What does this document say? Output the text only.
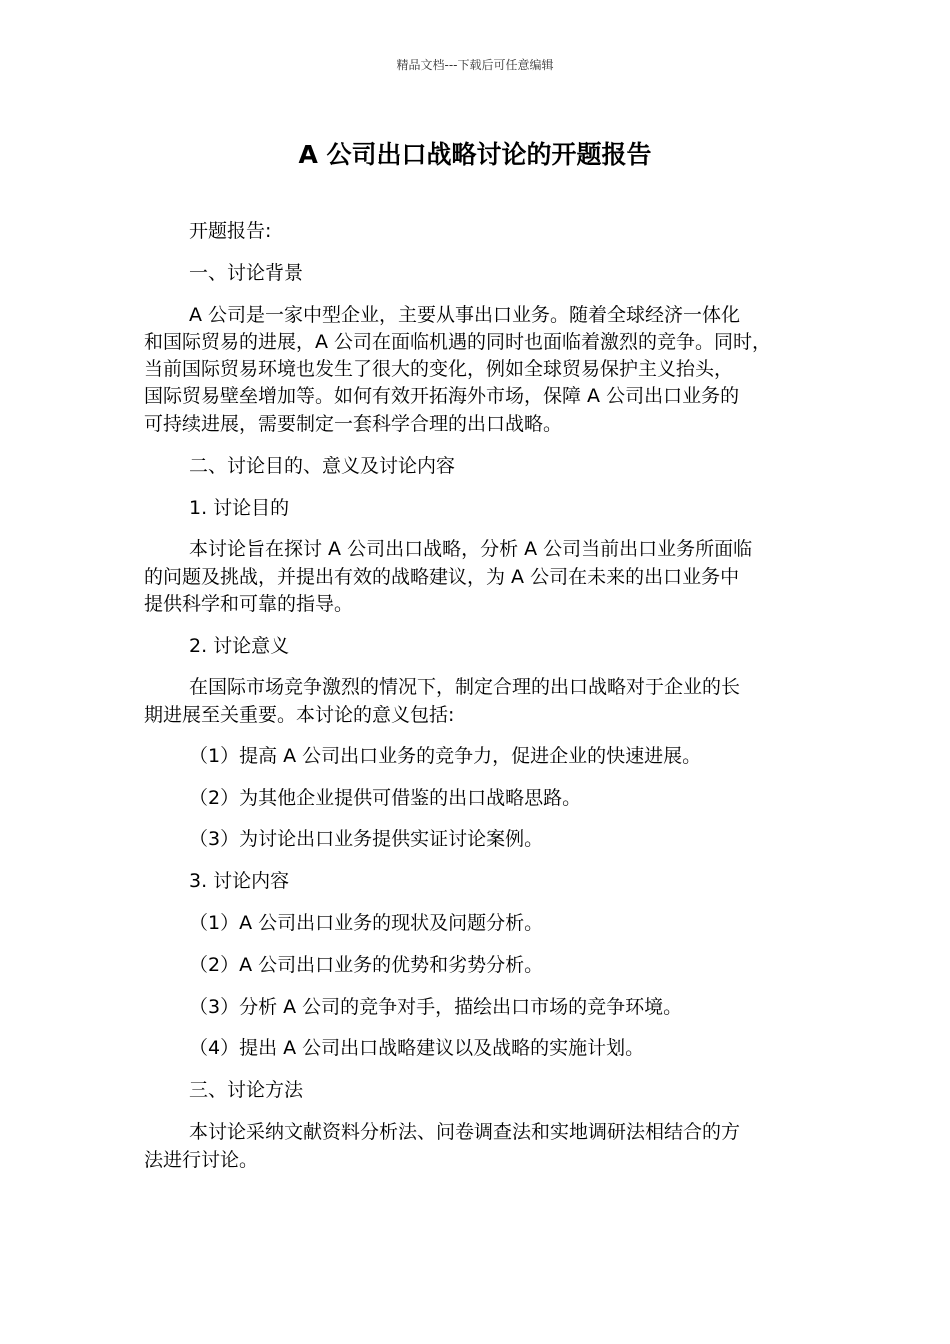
精品文档---下载后可任意编辑
A 公司出口战略讨论的开题报告
开题报告:
一、讨论背景
A 公司是一家中型企业，主要从事出口业务。随着全球经济一体化
和国际贸易的进展，A 公司在面临机遇的同时也面临着激烈的竞争。同时，
当前国际贸易环境也发生了很大的变化，例如全球贸易保护主义抬头，
国际贸易壁垒增加等。如何有效开拓海外市场，保障 A 公司出口业务的
可持续进展，需要制定一套科学合理的出口战略。
二、讨论目的、意义及讨论内容
1. 讨论目的
本讨论旨在探讨 A 公司出口战略，分析 A 公司当前出口业务所面临
的问题及挑战，并提出有效的战略建议，为 A 公司在未来的出口业务中
提供科学和可靠的指导。
2. 讨论意义
在国际市场竞争激烈的情况下，制定合理的出口战略对于企业的长
期进展至关重要。本讨论的意义包括:
（1）提高 A 公司出口业务的竞争力，促进企业的快速进展。
（2）为其他企业提供可借鉴的出口战略思路。
（3）为讨论出口业务提供实证讨论案例。
3. 讨论内容
（1）A 公司出口业务的现状及问题分析。
（2）A 公司出口业务的优势和劣势分析。
（3）分析 A 公司的竞争对手，描绘出口市场的竞争环境。
（4）提出 A 公司出口战略建议以及战略的实施计划。
三、讨论方法
本讨论采纳文献资料分析法、问卷调查法和实地调研法相结合的方
法进行讨论。
